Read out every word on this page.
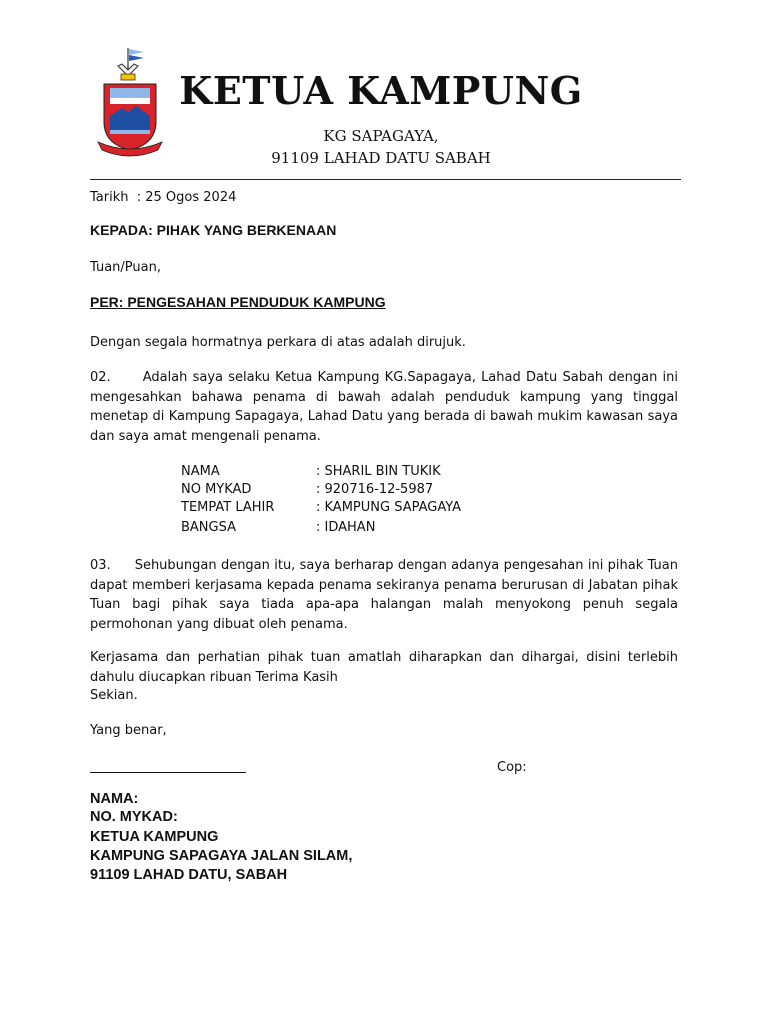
KETUA KAMPUNG
KG SAPAGAYA,
91109 LAHAD DATU SABAH
Tarikh : 25 Ogos 2024
KEPADA: PIHAK YANG BERKENAAN
Tuan/Puan,
PER: PENGESAHAN PENDUDUK KAMPUNG
Dengan segala hormatnya perkara di atas adalah dirujuk.
02. Adalah saya selaku Ketua Kampung KG.Sapagaya, Lahad Datu Sabah dengan ini mengesahkan bahawa penama di bawah adalah penduduk kampung yang tinggal menetap di Kampung Sapagaya, Lahad Datu yang berada di bawah mukim kawasan saya dan saya amat mengenali penama.
NAMA	: SHARIL BIN TUKIK
NO MYKAD	: 920716-12-5987
TEMPAT LAHIR	: KAMPUNG SAPAGAYA
BANGSA	: IDAHAN
03. Sehubungan dengan itu, saya berharap dengan adanya pengesahan ini pihak Tuan dapat memberi kerjasama kepada penama sekiranya penama berurusan di Jabatan pihak Tuan bagi pihak saya tiada apa-apa halangan malah menyokong penuh segala permohonan yang dibuat oleh penama.
Kerjasama dan perhatian pihak tuan amatlah diharapkan dan dihargai, disini terlebih dahulu diucapkan ribuan Terima Kasih
Sekian.
Yang benar,
Cop:
NAMA:
NO. MYKAD:
KETUA KAMPUNG
KAMPUNG SAPAGAYA JALAN SILAM,
91109 LAHAD DATU, SABAH
